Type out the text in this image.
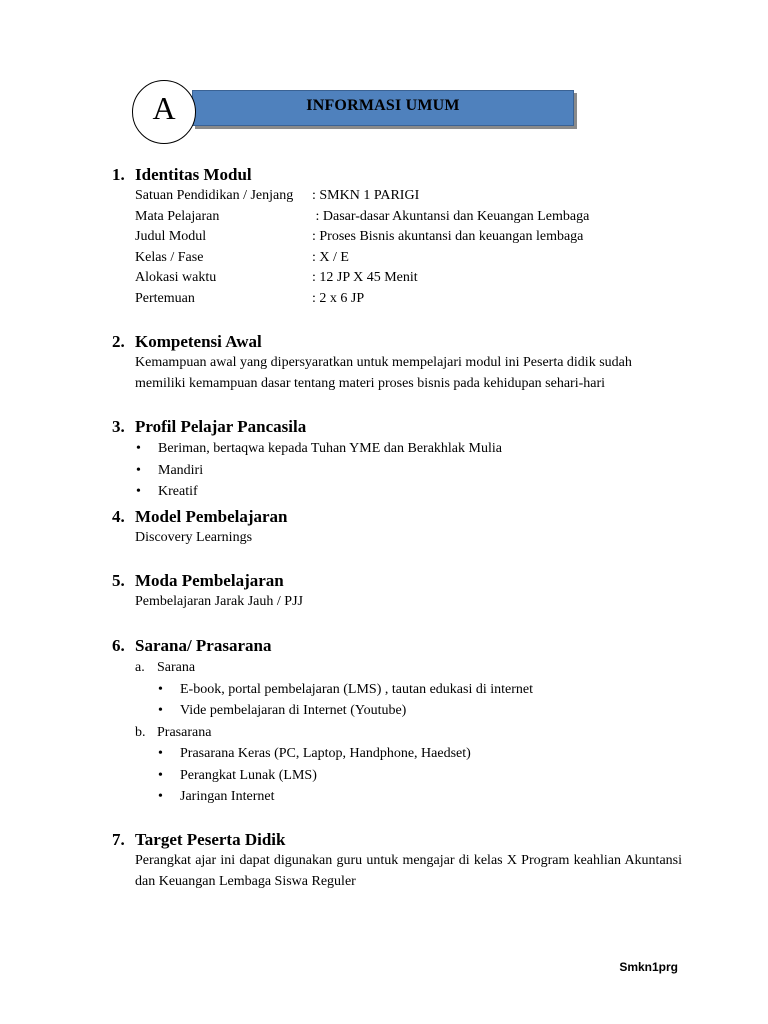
INFORMASI UMUM
A
1. Identitas Modul
Satuan Pendidikan / Jenjang	: SMKN 1 PARIGI
Mata Pelajaran	: Dasar-dasar Akuntansi dan Keuangan Lembaga
Judul Modul	: Proses Bisnis akuntansi dan keuangan lembaga
Kelas / Fase	: X / E
Alokasi waktu	: 12 JP X 45 Menit
Pertemuan	: 2 x 6 JP
2. Kompetensi Awal
Kemampuan awal yang dipersyaratkan untuk mempelajari modul ini Peserta didik sudah memiliki kemampuan dasar tentang materi proses bisnis pada kehidupan sehari-hari
3. Profil Pelajar Pancasila
•	Beriman, bertaqwa kepada Tuhan YME dan Berakhlak Mulia
•	Mandiri
•	Kreatif
4. Model Pembelajaran
Discovery Learnings
5. Moda Pembelajaran
Pembelajaran Jarak Jauh / PJJ
6. Sarana/ Prasarana
a. Sarana
•	E-book, portal pembelajaran (LMS) , tautan edukasi di internet
•	Vide pembelajaran di Internet (Youtube)
b. Prasarana
•	Prasarana Keras (PC, Laptop, Handphone, Haedset)
•	Perangkat Lunak (LMS)
•	Jaringan Internet
7. Target Peserta Didik
Perangkat ajar ini dapat digunakan guru untuk mengajar di kelas X Program keahlian Akuntansi dan Keuangan Lembaga Siswa Reguler
Smkn1prg
